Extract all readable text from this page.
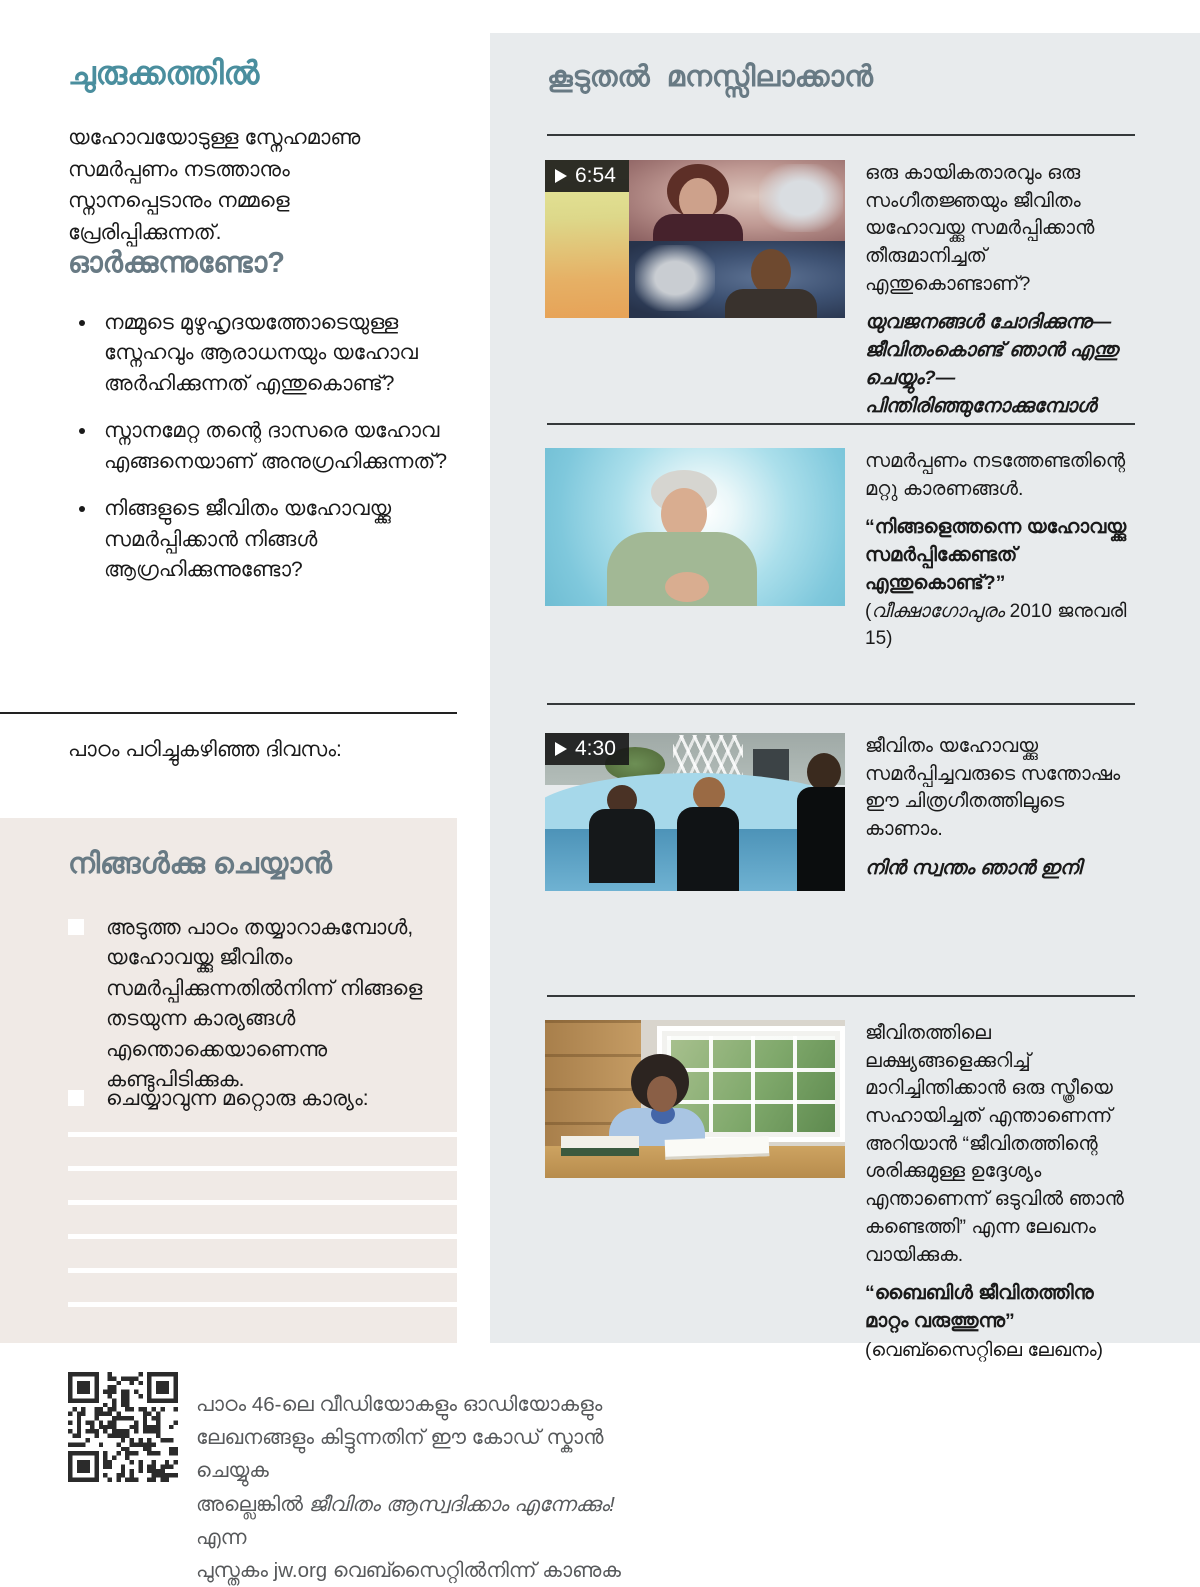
ചുരുക്കത്തിൽ

യഹോവയോടുള്ള സ്നേഹമാണു സമർപ്പണം നടത്താനും സ്നാനപ്പെടാനും നമ്മളെ പ്രേരിപ്പിക്കുന്നത്.

ഓർക്കുന്നുണ്ടോ?
• നമ്മുടെ മുഴുഹൃദയത്തോടെയുള്ള സ്നേഹവും ആരാധനയും യഹോവ അർഹിക്കുന്നത് എന്തുകൊണ്ട്?
• സ്നാനമേറ്റ തന്റെ ദാസരെ യഹോവ എങ്ങനെയാണ് അനുഗ്രഹിക്കുന്നത്?
• നിങ്ങളുടെ ജീവിതം യഹോവയ്ക്കു സമർപ്പിക്കാൻ നിങ്ങൾ ആഗ്രഹിക്കുന്നുണ്ടോ?

പാഠം പഠിച്ചുകഴിഞ്ഞ ദിവസം:

നിങ്ങൾക്കു ചെയ്യാൻ
അടുത്ത പാഠം തയ്യാറാകുമ്പോൾ, യഹോവയ്ക്കു ജീവിതം സമർപ്പിക്കുന്നതിൽനിന്ന് നിങ്ങളെ തടയുന്ന കാര്യങ്ങൾ എന്തൊക്കെയാണെന്നു കണ്ടുപിടിക്കുക.
ചെയ്യാവുന്ന മറ്റൊരു കാര്യം:
കൂടുതൽ മനസ്സിലാക്കാൻ
6:54	ഒരു കായികതാരവും ഒരു സംഗീതജ്ഞയും ജീവിതം യഹോവയ്ക്കു സമർപ്പിക്കാൻ തീരുമാനിച്ചത് എന്തുകൊണ്ടാണ്?

യുവജനങ്ങൾ ചോദിക്കുന്നു—ജീവിതംകൊണ്ട് ഞാൻ എന്തു ചെയ്യും?—പിന്തിരിഞ്ഞുനോക്കുമ്പോൾ

സമർപ്പണം നടത്തേണ്ടതിന്റെ മറ്റു കാരണങ്ങൾ.

“നിങ്ങളെത്തന്നെ യഹോവയ്ക്കു സമർപ്പിക്കേണ്ടത് എന്തുകൊണ്ട്?”

(വീക്ഷാഗോപുരം 2010 ജനുവരി 15)

4:30	ജീവിതം യഹോവയ്ക്കു സമർപ്പിച്ചവരുടെ സന്തോഷം ഈ ചിത്രഗീതത്തിലൂടെ കാണാം.

നിൻ സ്വന്തം ഞാൻ ഇനി

ജീവിതത്തിലെ ലക്ഷ്യങ്ങളെക്കുറിച്ച് മാറിച്ചിന്തിക്കാൻ ഒരു സ്ത്രീയെ സഹായിച്ചത് എന്താണെന്ന് അറിയാൻ “ജീവിതത്തിന്റെ ശരിക്കുമുള്ള ഉദ്ദേശ്യം എന്താണെന്ന് ഒടുവിൽ ഞാൻ കണ്ടെത്തി” എന്ന ലേഖനം വായിക്കുക.

“ബൈബിൾ ജീവിതത്തിനു മാറ്റം വരുത്തുന്നു”

(വെബ്സൈറ്റിലെ ലേഖനം)

പാഠം 46-ലെ വീഡിയോകളും ഓഡിയോകളും
ലേഖനങ്ങളും കിട്ടുന്നതിന് ഈ കോഡ് സ്കാൻ ചെയ്യുക
അല്ലെങ്കിൽ ജീവിതം ആസ്വദിക്കാം എന്നേക്കും! എന്ന
പുസ്തകം jw.org വെബ്സൈറ്റിൽനിന്ന് കാണുക
